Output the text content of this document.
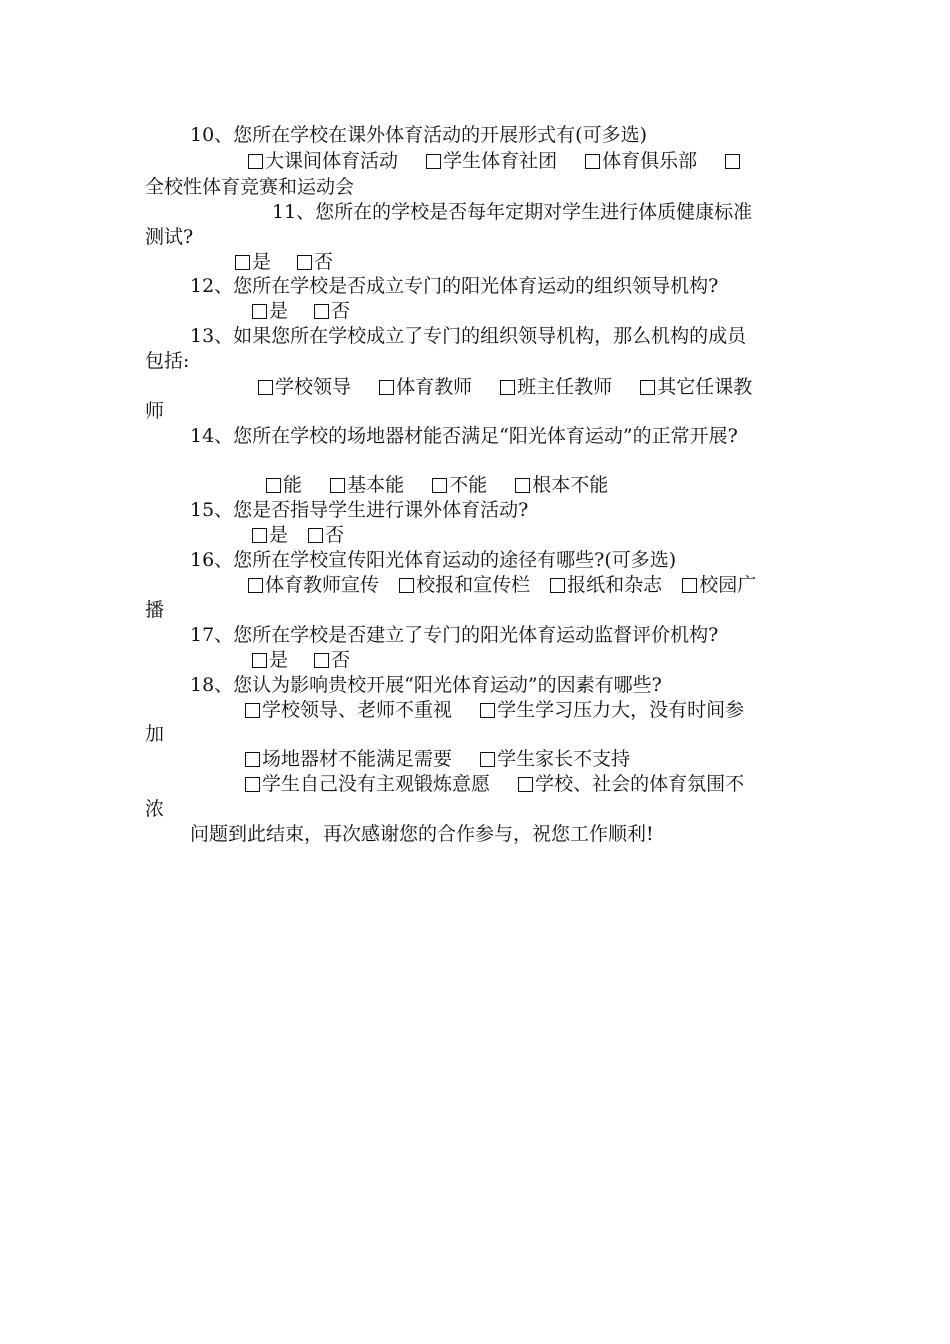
10、您所在学校在课外体育活动的开展形式有(可多选)
大课间体育活动 学生体育社团 体育俱乐部
全校性体育竞赛和运动会
11、您所在的学校是否每年定期对学生进行体质健康标准
测试?
是 否
12、您所在学校是否成立专门的阳光体育运动的组织领导机构?
是 否
13、如果您所在学校成立了专门的组织领导机构，那么机构的成员
包括:
学校领导 体育教师 班主任教师 其它任课教
师
14、您所在学校的场地器材能否满足“阳光体育运动”的正常开展?
能 基本能 不能 根本不能
15、您是否指导学生进行课外体育活动?
是 否
16、您所在学校宣传阳光体育运动的途径有哪些?(可多选)
体育教师宣传 校报和宣传栏 报纸和杂志 校园广
播
17、您所在学校是否建立了专门的阳光体育运动监督评价机构?
是 否
18、您认为影响贵校开展“阳光体育运动”的因素有哪些?
学校领导、老师不重视 学生学习压力大，没有时间参
加
场地器材不能满足需要 学生家长不支持
学生自己没有主观锻炼意愿 学校、社会的体育氛围不
浓
问题到此结束，再次感谢您的合作参与，祝您工作顺利!
